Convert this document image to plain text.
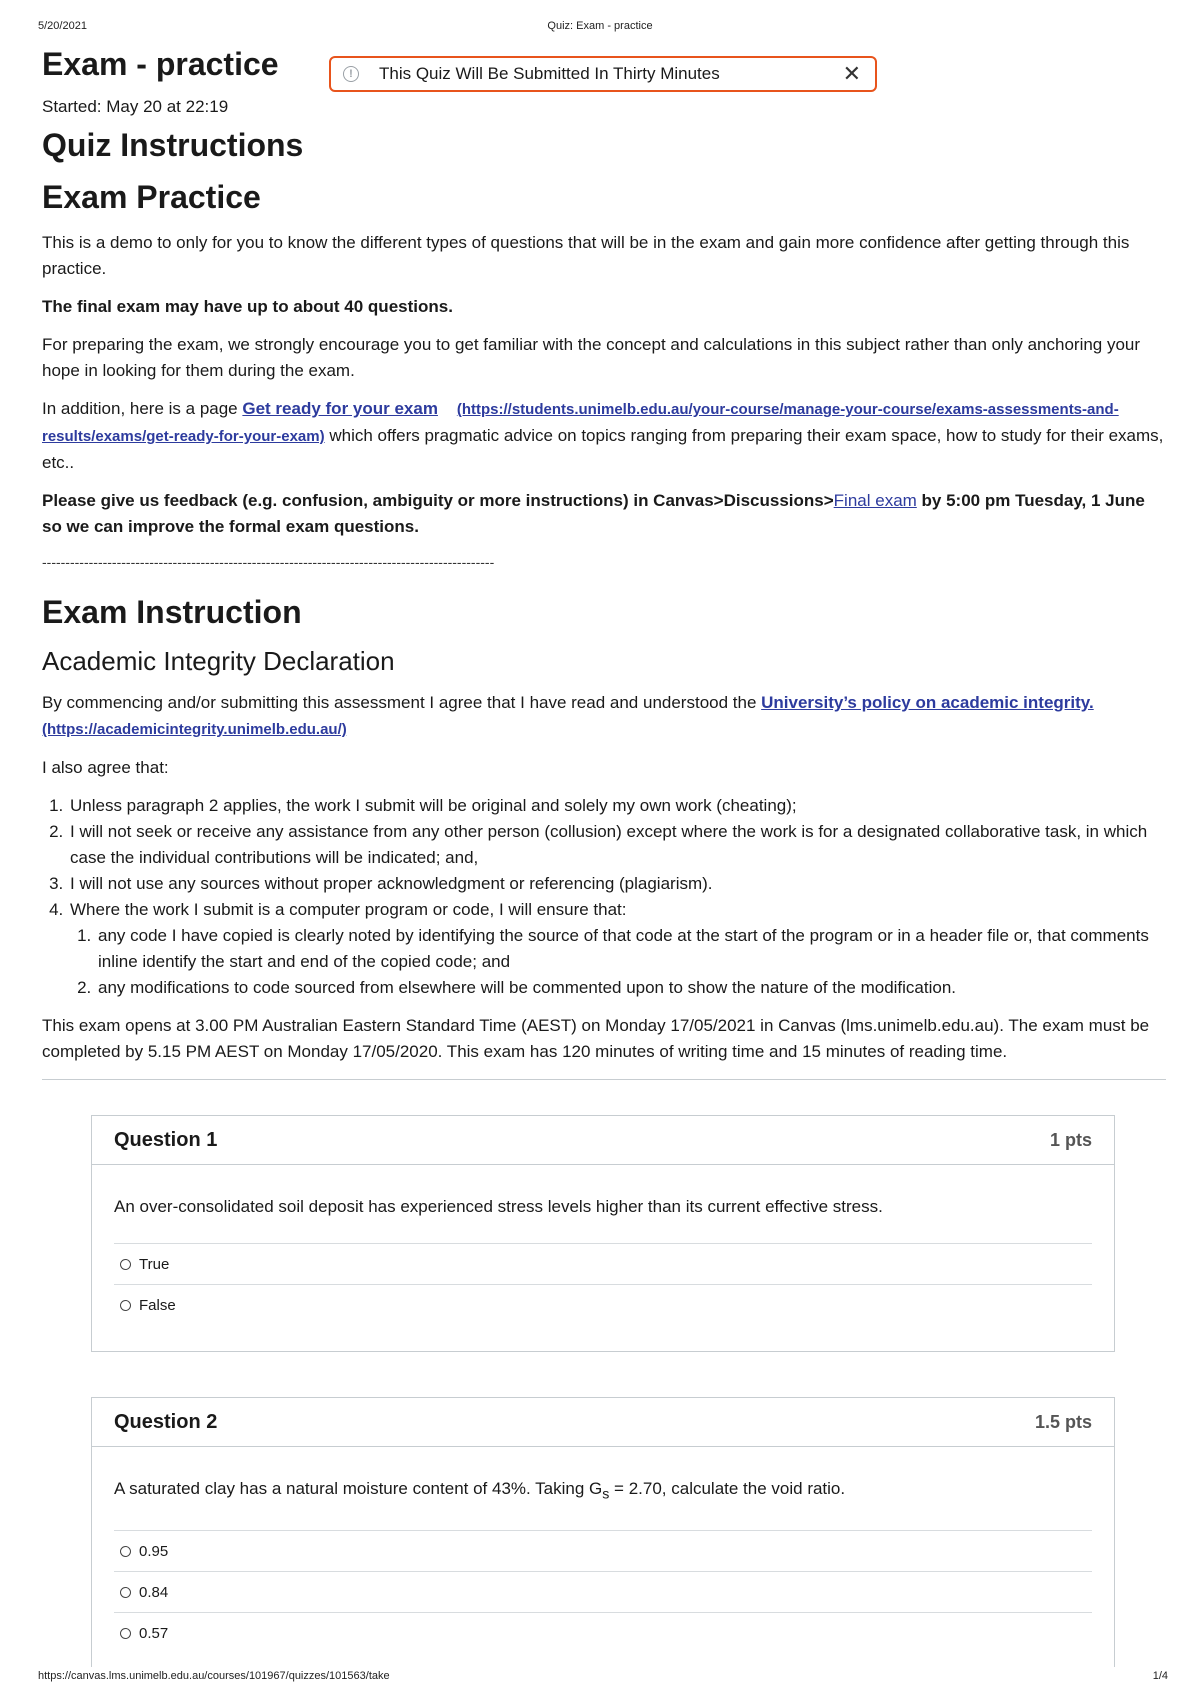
5/20/2021	Quiz: Exam - practice
!	This Quiz Will Be Submitted In Thirty Minutes	✕
Exam - practice
Started: May 20 at 22:19
Quiz Instructions
Exam Practice

This is a demo to only for you to know the different types of questions that will be in the exam and gain more confidence after getting through this practice.

The final exam may have up to about 40 questions.

For preparing the exam, we strongly encourage you to get familiar with the concept and calculations in this subject rather than only anchoring your hope in looking for them during the exam.

In addition, here is a page Get ready for your exam (https://students.unimelb.edu.au/your-course/manage-your-course/exams-assessments-and-results/exams/get-ready-for-your-exam) which offers pragmatic advice on topics ranging from preparing their exam space, how to study for their exams, etc..

Please give us feedback (e.g. confusion, ambiguity or more instructions) in Canvas>Discussions>Final exam by 5:00 pm Tuesday, 1 June so we can improve the formal exam questions.

-------------------------------------------------------------------------------------------------
Exam Instruction
Academic Integrity Declaration

By commencing and/or submitting this assessment I agree that I have read and understood the University’s policy on academic integrity.
(https://academicintegrity.unimelb.edu.au/)

I also agree that:

1. Unless paragraph 2 applies, the work I submit will be original and solely my own work (cheating);
2. I will not seek or receive any assistance from any other person (collusion) except where the work is for a designated collaborative task, in which case the individual contributions will be indicated; and,
3. I will not use any sources without proper acknowledgment or referencing (plagiarism).
4. Where the work I submit is a computer program or code, I will ensure that:
1. any code I have copied is clearly noted by identifying the source of that code at the start of the program or in a header file or, that comments inline identify the start and end of the copied code; and
2. any modifications to code sourced from elsewhere will be commented upon to show the nature of the modification.

This exam opens at 3.00 PM Australian Eastern Standard Time (AEST) on Monday 17/05/2021 in Canvas (lms.unimelb.edu.au). The exam must be completed by 5.15 PM AEST on Monday 17/05/2020. This exam has 120 minutes of writing time and 15 minutes of reading time.

Question 1	1 pts
An over-consolidated soil deposit has experienced stress levels higher than its current effective stress.
True
False
Question 2	1.5 pts
A saturated clay has a natural moisture content of 43%. Taking $G_s = 2.70$, calculate the void ratio.
0.95
0.84
0.57
https://canvas.lms.unimelb.edu.au/courses/101967/quizzes/101563/take	1/4
